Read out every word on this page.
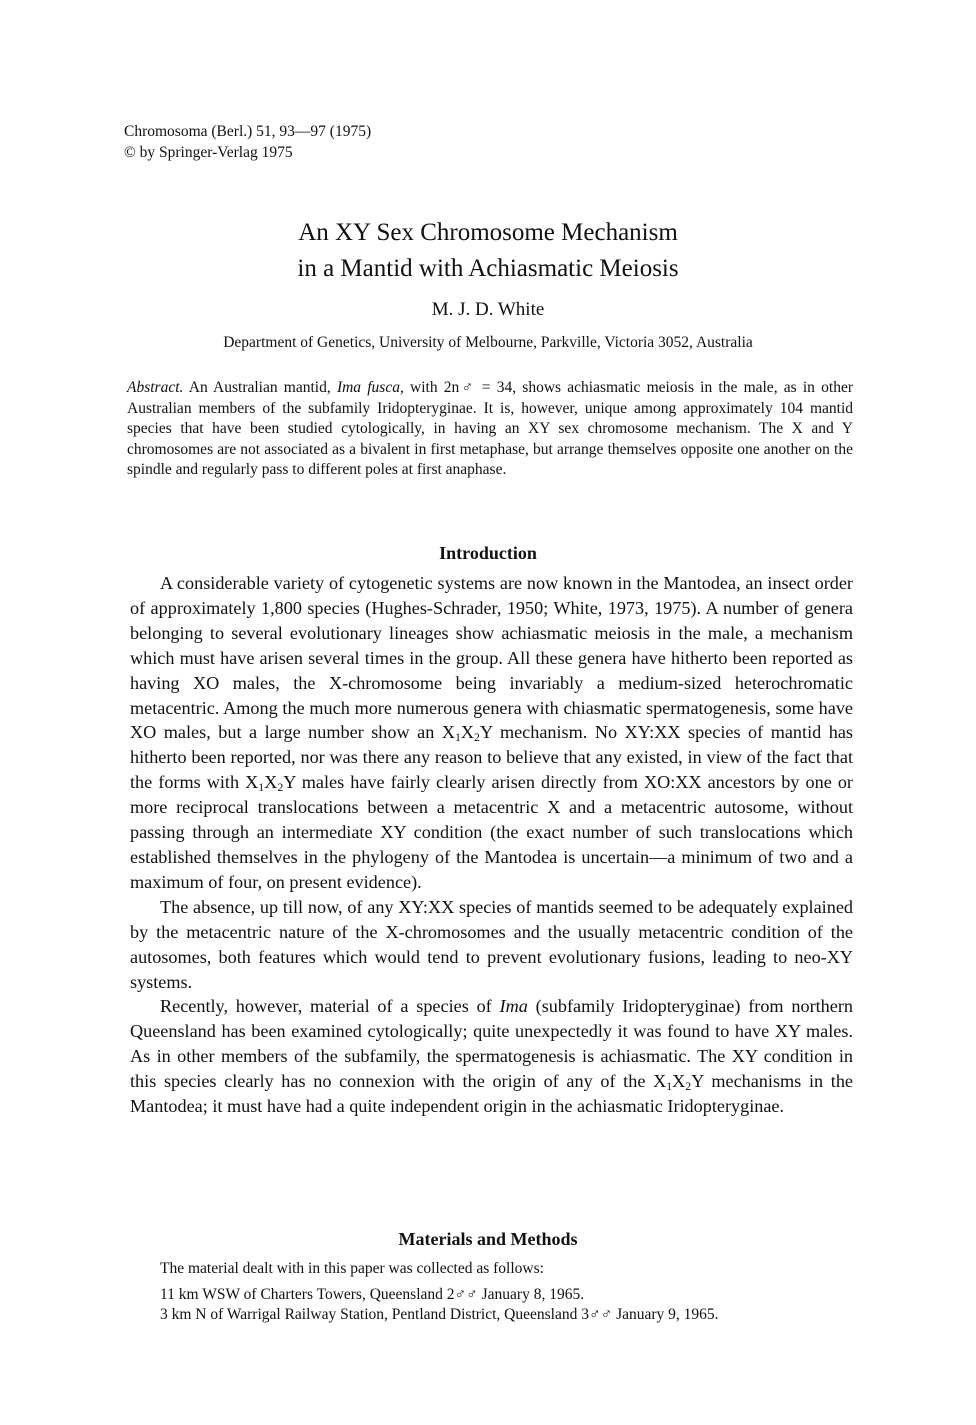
Chromosoma (Berl.) 51, 93—97 (1975)
© by Springer-Verlag 1975
An XY Sex Chromosome Mechanism
in a Mantid with Achiasmatic Meiosis
M. J. D. White
Department of Genetics, University of Melbourne, Parkville, Victoria 3052, Australia
Abstract. An Australian mantid, Ima fusca, with 2n♂ = 34, shows achiasmatic meiosis in the male, as in other Australian members of the subfamily Iridopteryginae. It is, however, unique among approximately 104 mantid species that have been studied cytologically, in having an XY sex chromosome mechanism. The X and Y chromosomes are not associated as a bivalent in first metaphase, but arrange themselves opposite one another on the spindle and regularly pass to different poles at first anaphase.
Introduction

A considerable variety of cytogenetic systems are now known in the Mantodea, an insect order of approximately 1,800 species (Hughes-Schrader, 1950; White, 1973, 1975). A number of genera belonging to several evolutionary lineages show achiasmatic meiosis in the male, a mechanism which must have arisen several times in the group. All these genera have hitherto been reported as having XO males, the X-chromosome being invariably a medium-sized heterochromatic metacentric. Among the much more numerous genera with chiasmatic spermatogenesis, some have XO males, but a large number show an $X_1X_2Y$ mechanism. No XY:XX species of mantid has hitherto been reported, nor was there any reason to believe that any existed, in view of the fact that the forms with $X_1X_2Y$ males have fairly clearly arisen directly from XO:XX ancestors by one or more reciprocal translocations between a metacentric X and a metacentric autosome, without passing through an intermediate XY condition (the exact number of such translocations which established themselves in the phylogeny of the Mantodea is uncertain—a minimum of two and a maximum of four, on present evidence).

The absence, up till now, of any XY:XX species of mantids seemed to be adequately explained by the metacentric nature of the X-chromosomes and the usually metacentric condition of the autosomes, both features which would tend to prevent evolutionary fusions, leading to neo-XY systems.

Recently, however, material of a species of Ima (subfamily Iridopteryginae) from northern Queensland has been examined cytologically; quite unexpectedly it was found to have XY males. As in other members of the subfamily, the spermatogenesis is achiasmatic. The XY condition in this species clearly has no connexion with the origin of any of the $X_1X_2Y$ mechanisms in the Mantodea; it must have had a quite independent origin in the achiasmatic Iridopteryginae.

Materials and Methods

The material dealt with in this paper was collected as follows:

11 km WSW of Charters Towers, Queensland 2♂♂ January 8, 1965.

3 km N of Warrigal Railway Station, Pentland District, Queensland 3♂♂ January 9, 1965.
